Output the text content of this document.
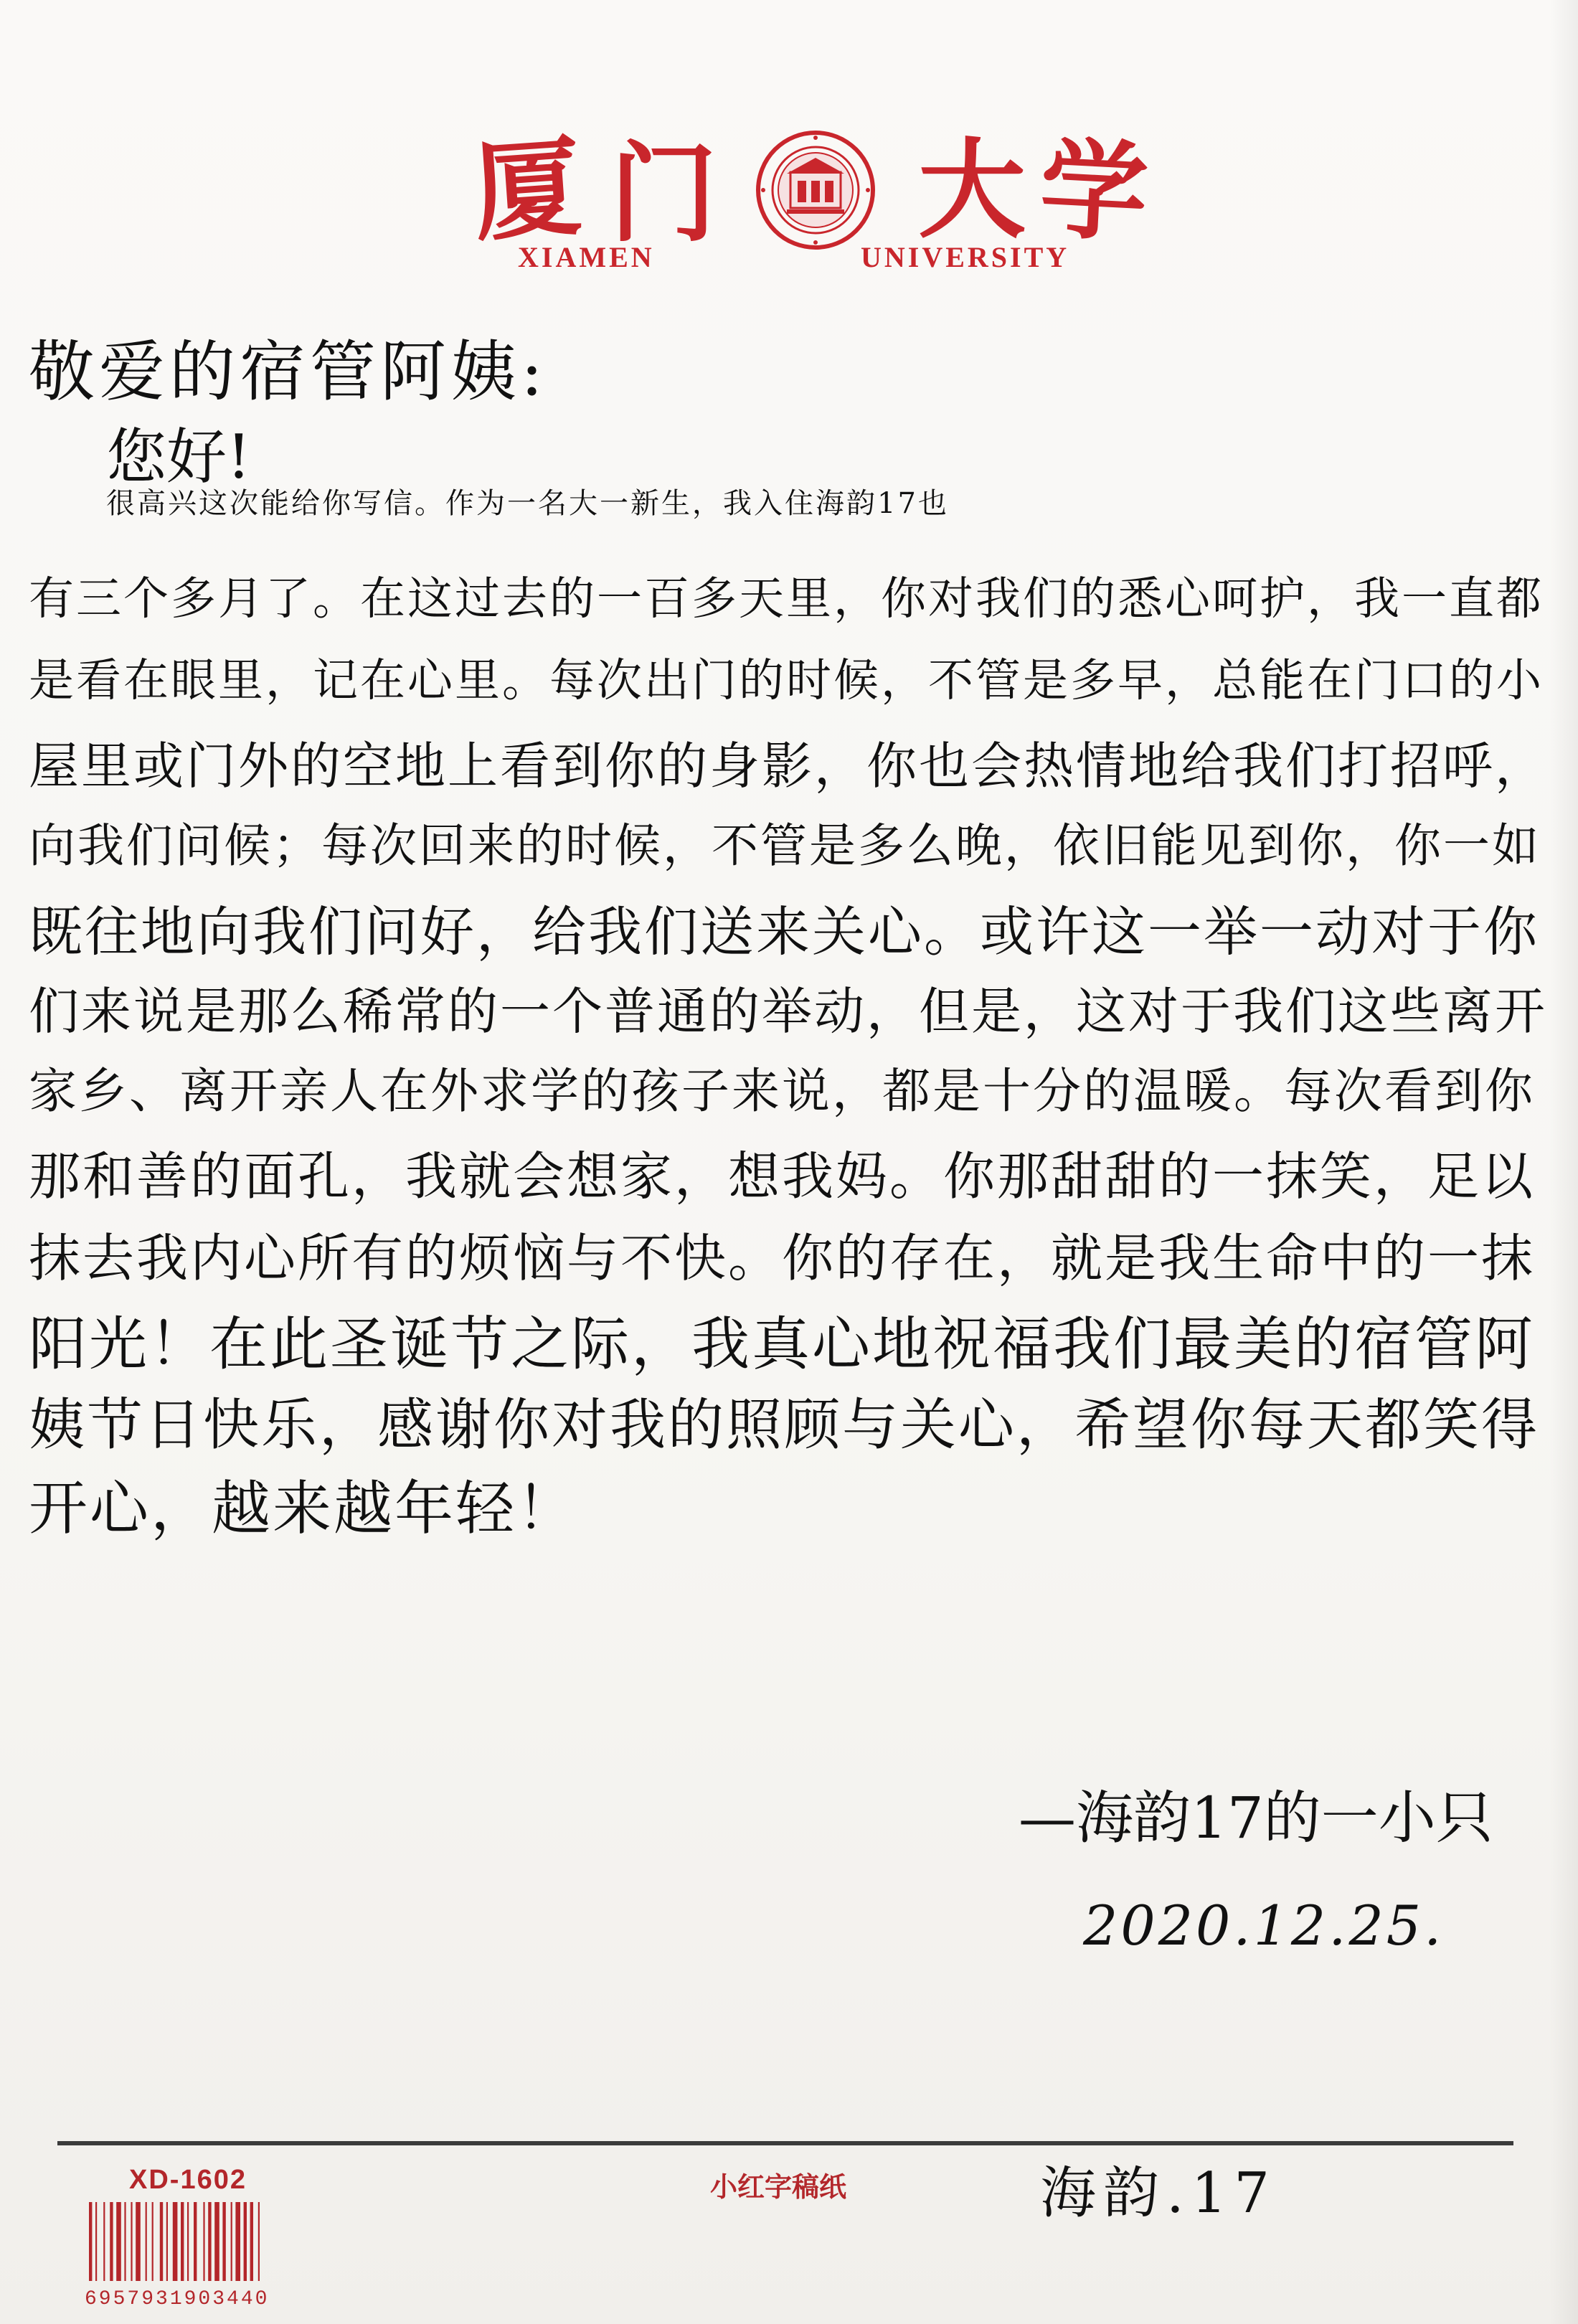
厦 门 大 学
XIAMEN	UNIVERSITY
敬爱的宿管阿姨:
您好!
很高兴这次能给你写信。作为一名大一新生，我入住海韵17也
有三个多月了。在这过去的一百多天里，你对我们的悉心呵护，我一直都
是看在眼里，记在心里。每次出门的时候，不管是多早，总能在门口的小
屋里或门外的空地上看到你的身影，你也会热情地给我们打招呼，
向我们问候；每次回来的时候，不管是多么晚，依旧能见到你，你一如
既往地向我们问好，给我们送来关心。或许这一举一动对于你
们来说是那么稀常的一个普通的举动，但是，这对于我们这些离开
家乡、离开亲人在外求学的孩子来说，都是十分的温暖。每次看到你
那和善的面孔，我就会想家，想我妈。你那甜甜的一抹笑，足以
抹去我内心所有的烦恼与不快。你的存在，就是我生命中的一抹
阳光！在此圣诞节之际，我真心地祝福我们最美的宿管阿
姨节日快乐，感谢你对我的照顾与关心，希望你每天都笑得
开心，越来越年轻！
—海韵17的一小只
2020.12.25.
XD-1602
6957931903440
小红字稿纸	海韵.17
